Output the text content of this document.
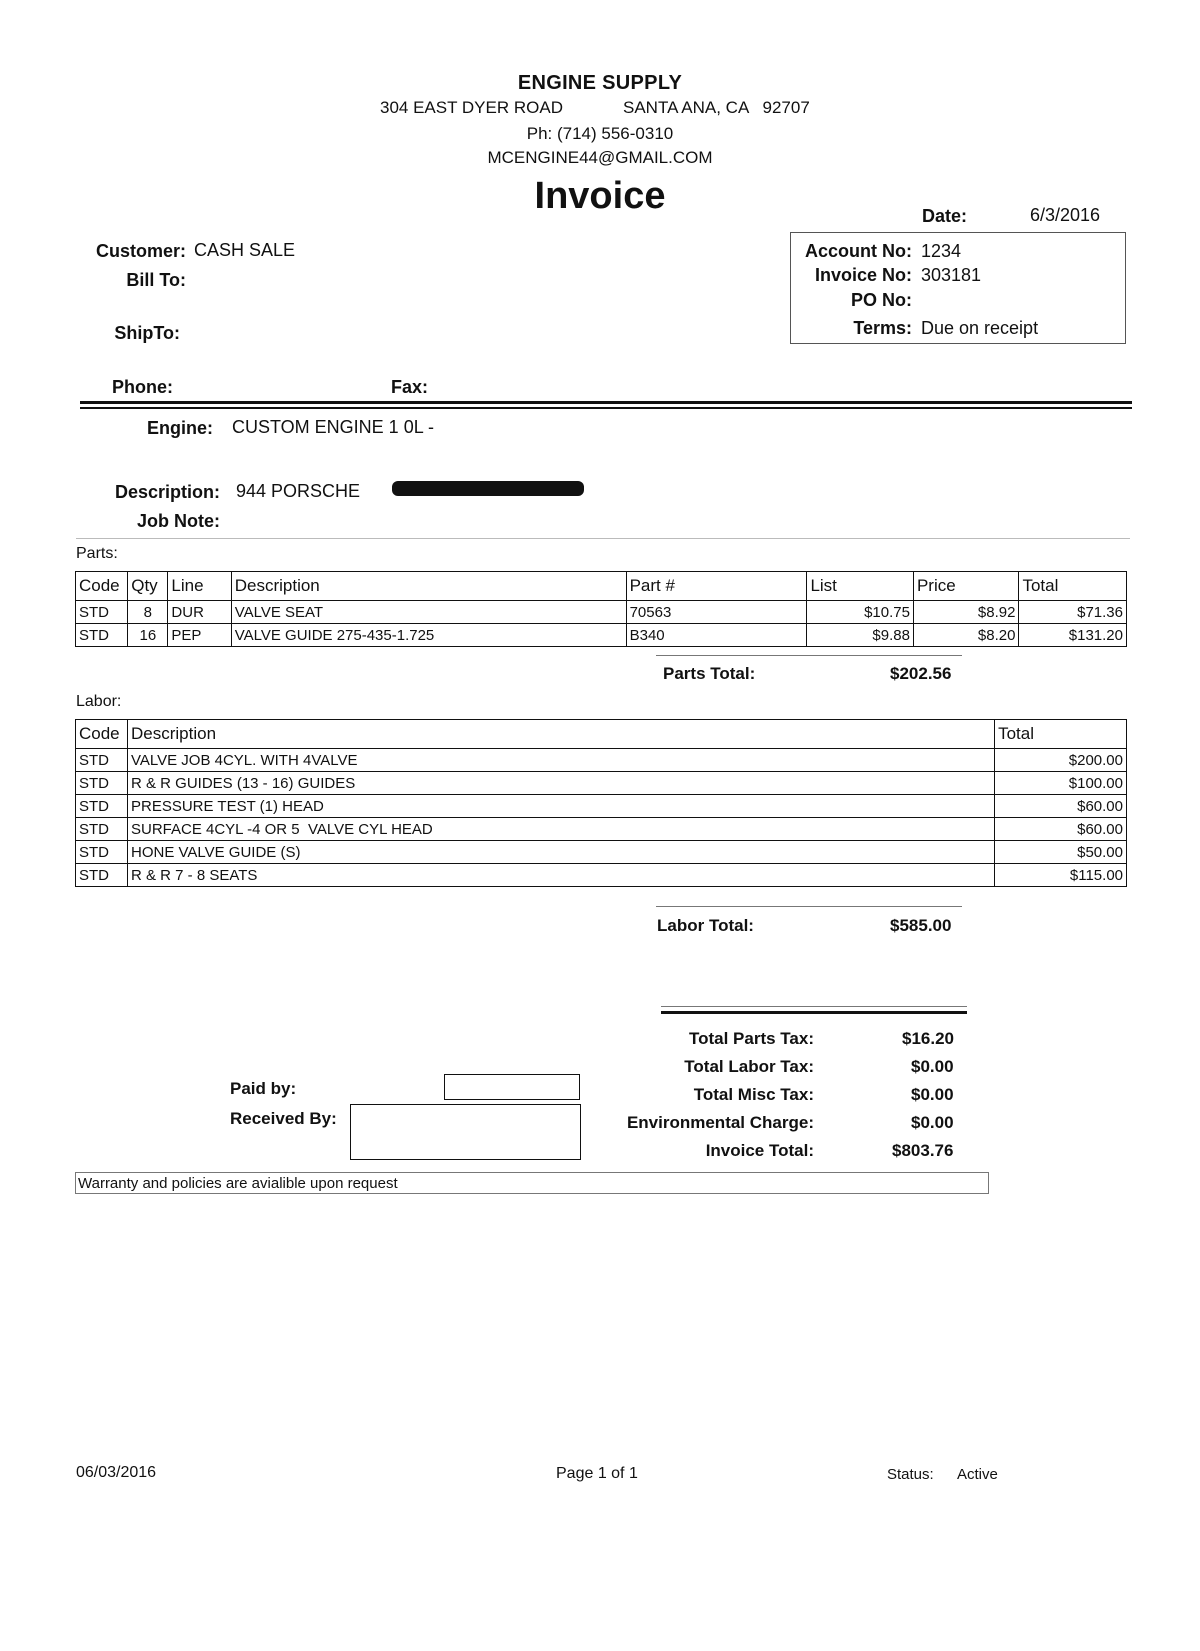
ENGINE SUPPLY
304 EAST DYER ROAD	SANTA ANA, CA   92707
Ph: (714) 556-0310
MCENGINE44@GMAIL.COM
Invoice	Date:	6/3/2016
Account No: 1234
Invoice No: 303181
PO No:
Terms: Due on receipt
Customer: CASH SALE
Bill To:
ShipTo:
Phone:	Fax:
Engine: CUSTOM ENGINE 1 0L -
Description: 944 PORSCHE
Job Note:
Parts:
Code	Qty	Line	Description	Part #	List	Price	Total
STD	8	DUR	VALVE SEAT	70563	$10.75	$8.92	$71.36
STD	16	PEP	VALVE GUIDE 275-435-1.725	B340	$9.88	$8.20	$131.20
Parts Total:	$202.56
Labor:
Code	Description	Total
STD	VALVE JOB 4CYL. WITH 4VALVE	$200.00
STD	R & R GUIDES (13 - 16) GUIDES	$100.00
STD	PRESSURE TEST (1) HEAD	$60.00
STD	SURFACE 4CYL -4 OR 5  VALVE CYL HEAD	$60.00
STD	HONE VALVE GUIDE (S)	$50.00
STD	R & R 7 - 8 SEATS	$115.00
Labor Total:	$585.00
Total Parts Tax:	$16.20
Total Labor Tax:	$0.00
Total Misc Tax:	$0.00
Environmental Charge:	$0.00
Invoice Total:	$803.76
Paid by:
Received By:
Warranty and policies are avialible upon request
06/03/2016	Page 1 of 1	Status: Active
